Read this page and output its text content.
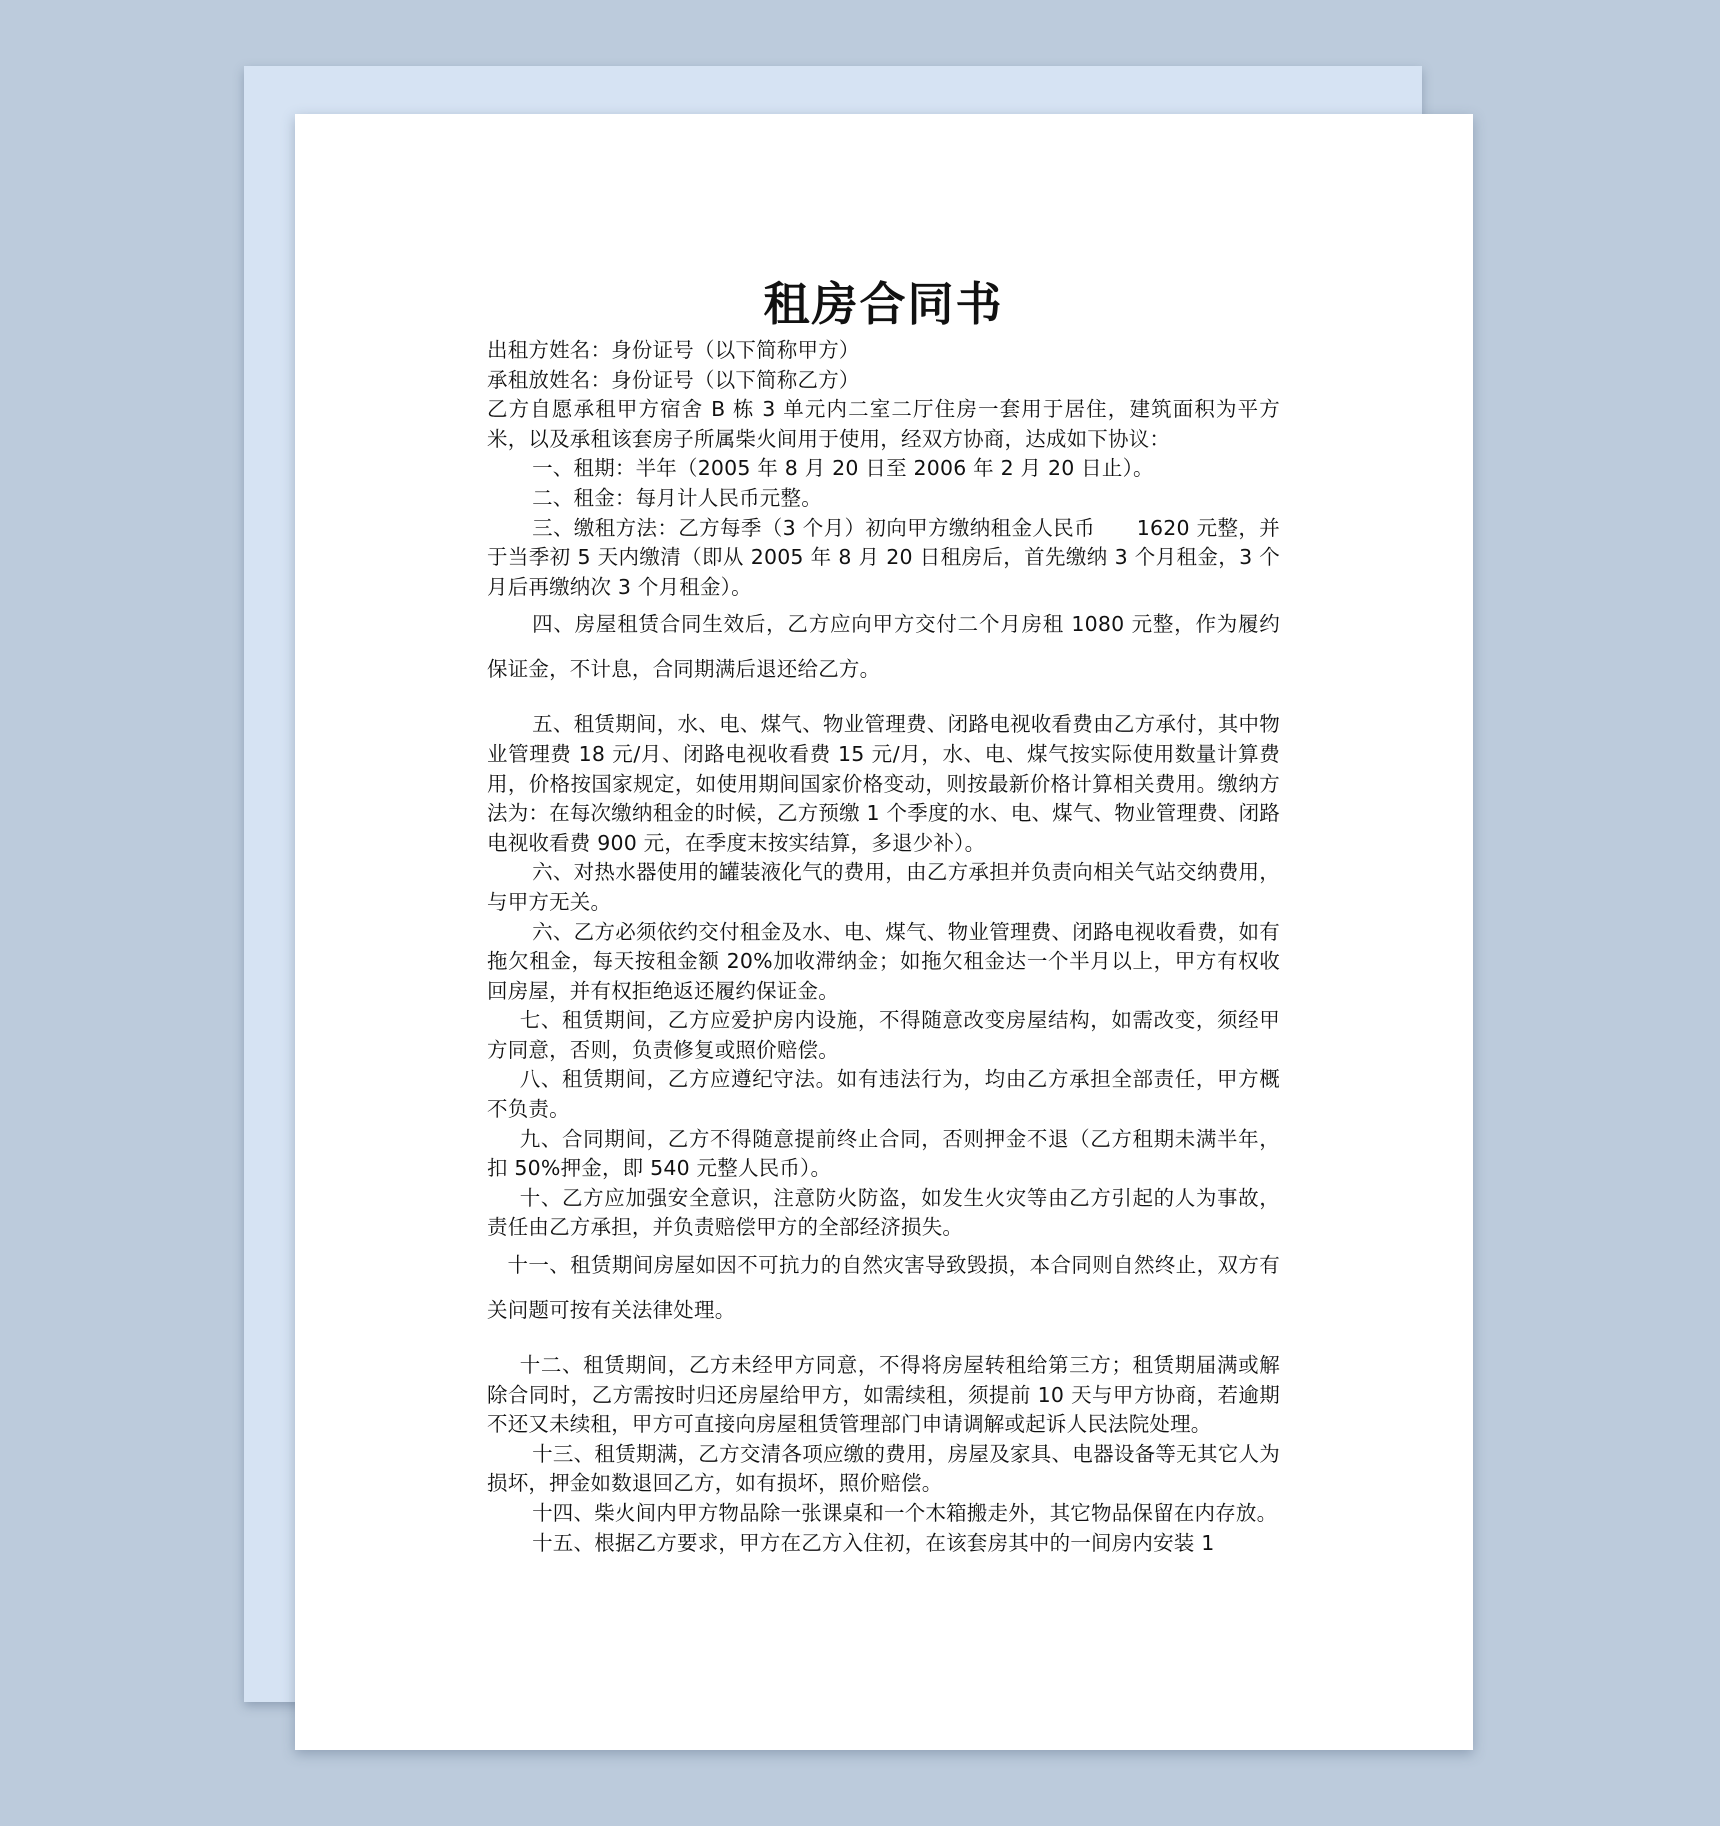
租房合同书

出租方姓名：身份证号（以下简称甲方）

承租放姓名：身份证号（以下简称乙方）

乙方自愿承租甲方宿舍 B 栋 3 单元内二室二厅住房一套用于居住，建筑面积为平方米，以及承租该套房子所属柴火间用于使用，经双方协商，达成如下协议：

一、租期：半年（2005 年 8 月 20 日至 2006 年 2 月 20 日止）。

二、租金：每月计人民币元整。

三、缴租方法：乙方每季（3 个月）初向甲方缴纳租金人民币　　1620 元整，并于当季初 5 天内缴清（即从 2005 年 8 月 20 日租房后，首先缴纳 3 个月租金，3 个月后再缴纳次 3 个月租金）。

四、房屋租赁合同生效后，乙方应向甲方交付二个月房租 1080 元整，作为履约保证金，不计息，合同期满后退还给乙方。

五、租赁期间，水、电、煤气、物业管理费、闭路电视收看费由乙方承付，其中物业管理费 18 元/月、闭路电视收看费 15 元/月，水、电、煤气按实际使用数量计算费用，价格按国家规定，如使用期间国家价格变动，则按最新价格计算相关费用。缴纳方法为：在每次缴纳租金的时候，乙方预缴 1 个季度的水、电、煤气、物业管理费、闭路电视收看费 900 元，在季度末按实结算，多退少补）。

六、对热水器使用的罐装液化气的费用，由乙方承担并负责向相关气站交纳费用，与甲方无关。

六、乙方必须依约交付租金及水、电、煤气、物业管理费、闭路电视收看费，如有拖欠租金，每天按租金额 20%加收滞纳金；如拖欠租金达一个半月以上，甲方有权收回房屋，并有权拒绝返还履约保证金。

七、租赁期间，乙方应爱护房内设施，不得随意改变房屋结构，如需改变，须经甲方同意，否则，负责修复或照价赔偿。

八、租赁期间，乙方应遵纪守法。如有违法行为，均由乙方承担全部责任，甲方概不负责。

九、合同期间，乙方不得随意提前终止合同，否则押金不退（乙方租期未满半年，扣 50%押金，即 540 元整人民币）。

十、乙方应加强安全意识，注意防火防盗，如发生火灾等由乙方引起的人为事故，责任由乙方承担，并负责赔偿甲方的全部经济损失。

十一、租赁期间房屋如因不可抗力的自然灾害导致毁损，本合同则自然终止，双方有关问题可按有关法律处理。

十二、租赁期间，乙方未经甲方同意，不得将房屋转租给第三方；租赁期届满或解除合同时，乙方需按时归还房屋给甲方，如需续租，须提前 10 天与甲方协商，若逾期不还又未续租，甲方可直接向房屋租赁管理部门申请调解或起诉人民法院处理。

十三、租赁期满，乙方交清各项应缴的费用，房屋及家具、电器设备等无其它人为损坏，押金如数退回乙方，如有损坏，照价赔偿。

十四、柴火间内甲方物品除一张课桌和一个木箱搬走外，其它物品保留在内存放。

十五、根据乙方要求，甲方在乙方入住初，在该套房其中的一间房内安装 1
